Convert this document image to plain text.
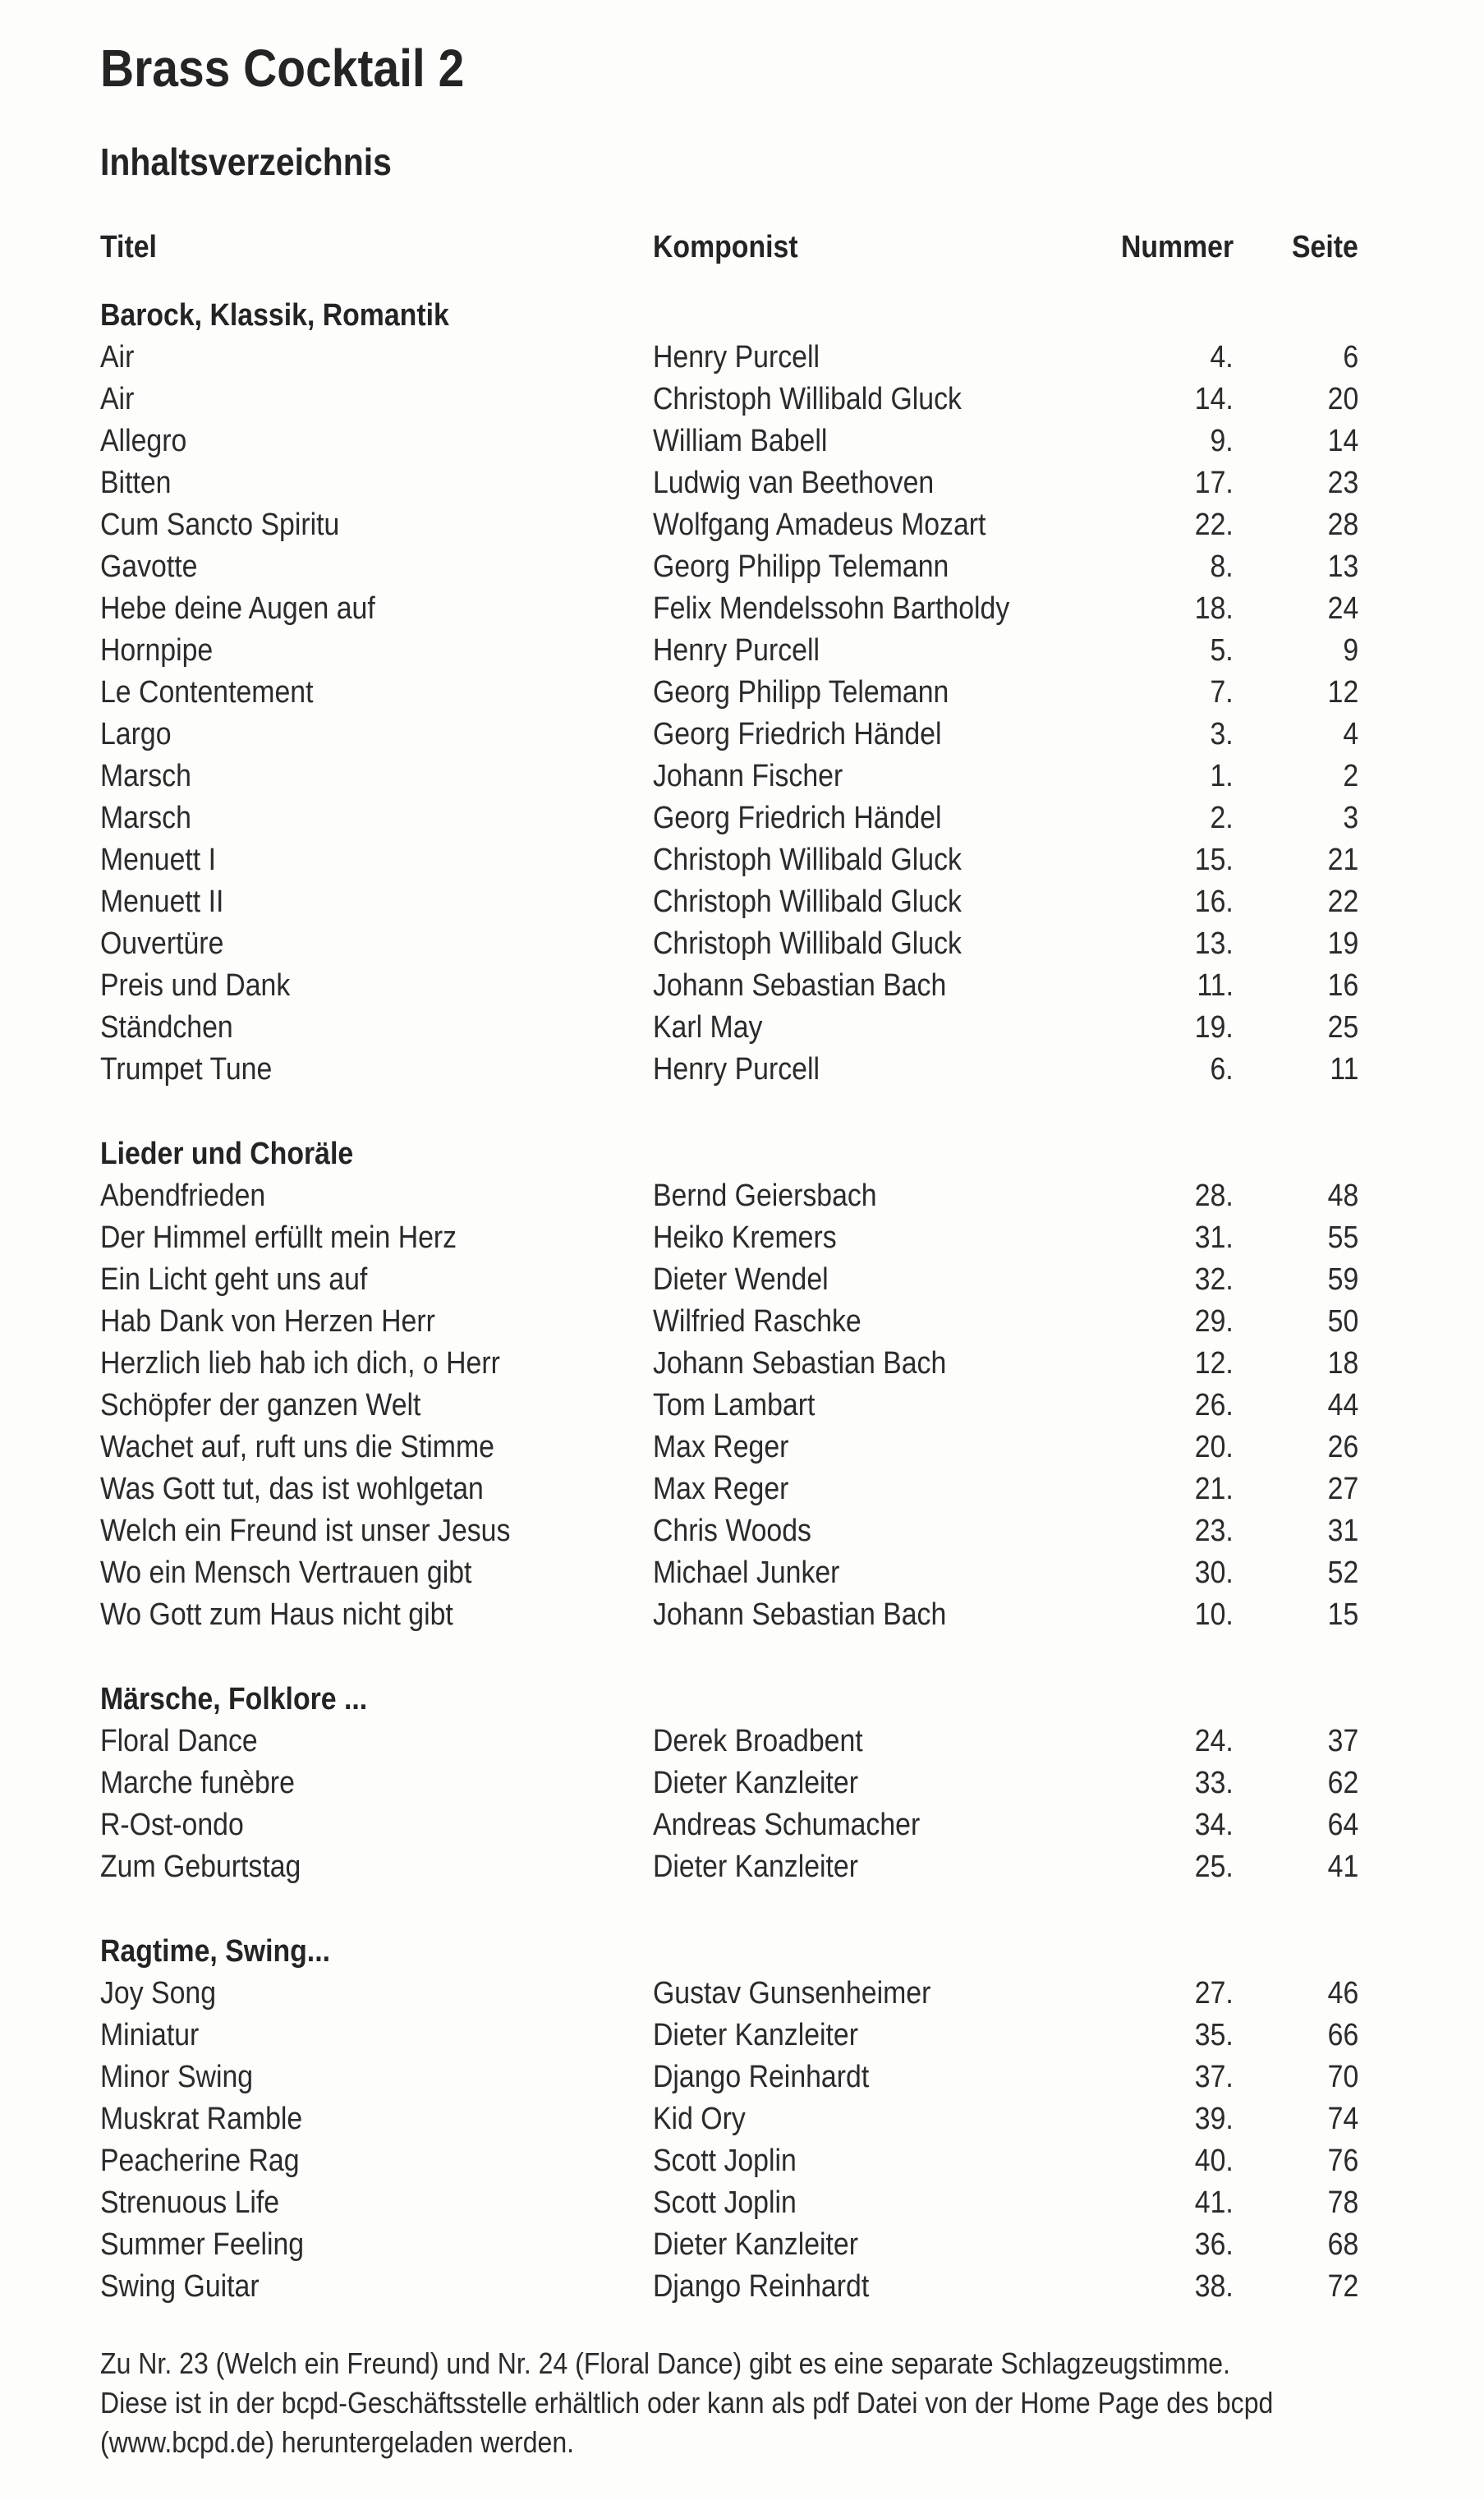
Brass Cocktail 2
Inhaltsverzeichnis
Titel	Komponist	Nummer	Seite
Barock, Klassik, Romantik
Air	Henry Purcell	4.	6
Air	Christoph Willibald Gluck	14.	20
Allegro	William Babell	9.	14
Bitten	Ludwig van Beethoven	17.	23
Cum Sancto Spiritu	Wolfgang Amadeus Mozart	22.	28
Gavotte	Georg Philipp Telemann	8.	13
Hebe deine Augen auf	Felix Mendelssohn Bartholdy	18.	24
Hornpipe	Henry Purcell	5.	9
Le Contentement	Georg Philipp Telemann	7.	12
Largo	Georg Friedrich Händel	3.	4
Marsch	Johann Fischer	1.	2
Marsch	Georg Friedrich Händel	2.	3
Menuett I	Christoph Willibald Gluck	15.	21
Menuett II	Christoph Willibald Gluck	16.	22
Ouvertüre	Christoph Willibald Gluck	13.	19
Preis und Dank	Johann Sebastian Bach	11.	16
Ständchen	Karl May	19.	25
Trumpet Tune	Henry Purcell	6.	11
Lieder und Choräle
Abendfrieden	Bernd Geiersbach	28.	48
Der Himmel erfüllt mein Herz	Heiko Kremers	31.	55
Ein Licht geht uns auf	Dieter Wendel	32.	59
Hab Dank von Herzen Herr	Wilfried Raschke	29.	50
Herzlich lieb hab ich dich, o Herr	Johann Sebastian Bach	12.	18
Schöpfer der ganzen Welt	Tom Lambart	26.	44
Wachet auf, ruft uns die Stimme	Max Reger	20.	26
Was Gott tut, das ist wohlgetan	Max Reger	21.	27
Welch ein Freund ist unser Jesus	Chris Woods	23.	31
Wo ein Mensch Vertrauen gibt	Michael Junker	30.	52
Wo Gott zum Haus nicht gibt	Johann Sebastian Bach	10.	15
Märsche, Folklore ...
Floral Dance	Derek Broadbent	24.	37
Marche funèbre	Dieter Kanzleiter	33.	62
R-Ost-ondo	Andreas Schumacher	34.	64
Zum Geburtstag	Dieter Kanzleiter	25.	41
Ragtime, Swing...
Joy Song	Gustav Gunsenheimer	27.	46
Miniatur	Dieter Kanzleiter	35.	66
Minor Swing	Django Reinhardt	37.	70
Muskrat Ramble	Kid Ory	39.	74
Peacherine Rag	Scott Joplin	40.	76
Strenuous Life	Scott Joplin	41.	78
Summer Feeling	Dieter Kanzleiter	36.	68
Swing Guitar	Django Reinhardt	38.	72

Zu Nr. 23 (Welch ein Freund) und Nr. 24 (Floral Dance) gibt es eine separate Schlagzeugstimme.

Diese ist in der bcpd-Geschäftsstelle erhältlich oder kann als pdf Datei von der Home Page des bcpd

(www.bcpd.de) heruntergeladen werden.
